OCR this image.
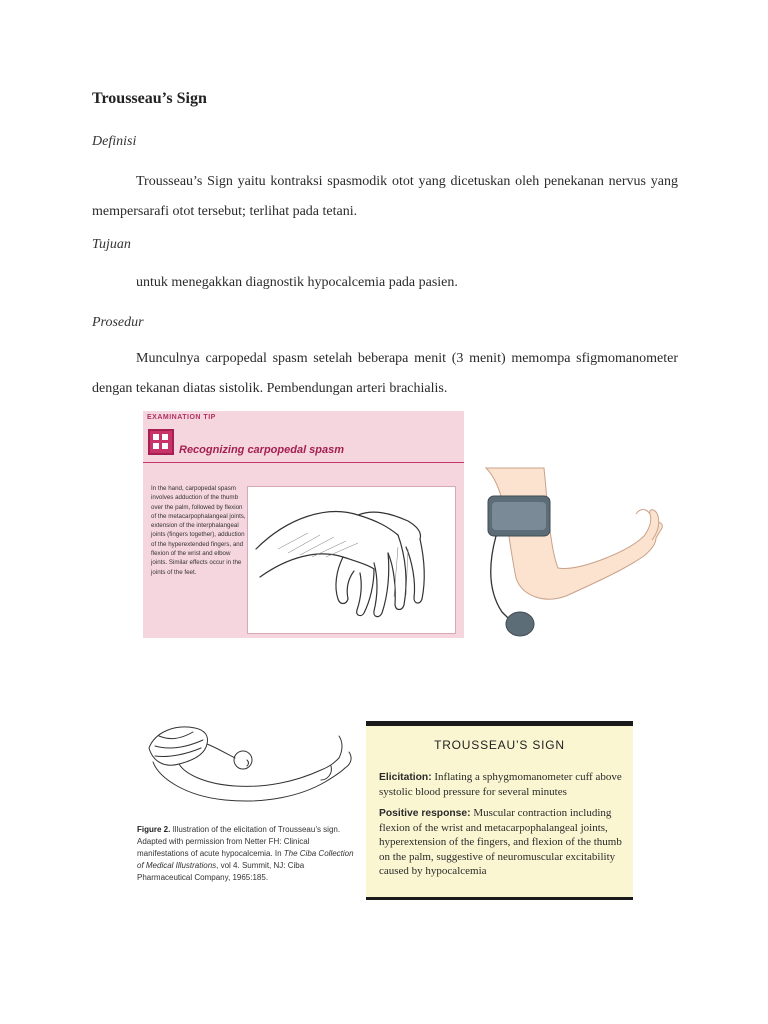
Trousseau’s Sign
Definisi
Trousseau’s Sign yaitu kontraksi spasmodik otot yang dicetuskan oleh penekanan nervus yang mempersarafi otot tersebut; terlihat pada tetani.
Tujuan
untuk menegakkan diagnostik hypocalcemia pada pasien.
Prosedur
Munculnya carpopedal spasm setelah beberapa menit (3 menit) memompa sfigmomanometer dengan tekanan diatas sistolik. Pembendungan arteri brachialis.
EXAMINATION TIP
Recognizing carpopedal spasm
In the hand, carpopedal spasm involves adduction of the thumb over the palm, followed by flexion of the metacarpophalangeal joints, extension of the interphalangeal joints (fingers together), adduction of the hyperextended fingers, and flexion of the wrist and elbow joints. Similar effects occur in the joints of the feet.
Figure 2. Illustration of the elicitation of Trousseau’s sign. Adapted with permission from Netter FH: Clinical manifestations of acute hypocalcemia. In The Ciba Collection of Medical Illustrations, vol 4. Summit, NJ: Ciba Pharmaceutical Company, 1965:185.
TROUSSEAU’S SIGN
Elicitation: Inflating a sphygmomanometer cuff above systolic blood pressure for several minutes
Positive response: Muscular contraction including flexion of the wrist and metacarpophalangeal joints, hyperextension of the fingers, and flexion of the thumb on the palm, suggestive of neuromuscular excitability caused by hypocalcemia
